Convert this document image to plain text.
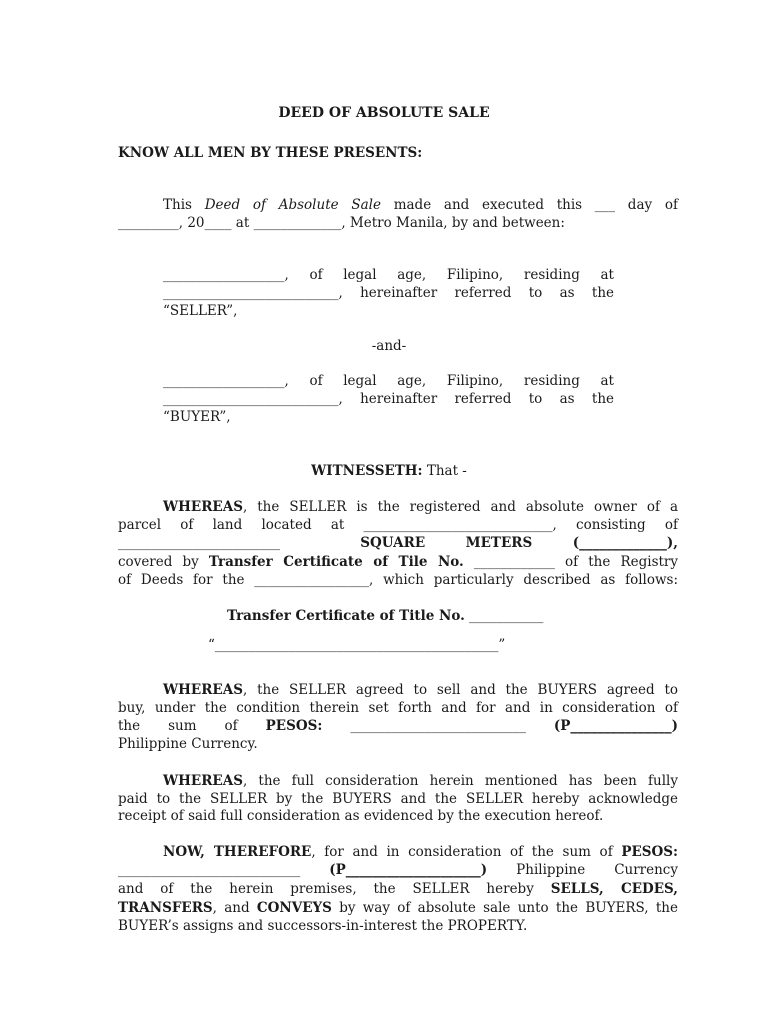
DEED OF ABSOLUTE SALE
KNOW ALL MEN BY THESE PRESENTS:
This Deed of Absolute Sale made and executed this ___ day of
_________, 20____ at _____________, Metro Manila, by and between:
__________________, of legal age, Filipino, residing at
__________________________, hereinafter referred to as the
“SELLER”,
-and-
__________________, of legal age, Filipino, residing at
__________________________, hereinafter referred to as the
“BUYER”,
WITNESSETH: That -
WHEREAS, the SELLER is the registered and absolute owner of a
parcel of land located at ____________________________, consisting of
________________________  SQUARE METERS (_____________),
covered by Transfer Certificate of Tile No. ____________ of the Registry
of Deeds for the _________________, which particularly described as follows:
Transfer Certificate of Title No. ___________
“__________________________________________”
WHEREAS, the SELLER agreed to sell and the BUYERS agreed to
buy, under the condition therein set forth and for and in consideration of
the sum of PESOS: __________________________ (P_______________)
Philippine Currency.
WHEREAS, the full consideration herein mentioned has been fully
paid to the SELLER by the BUYERS and the SELLER hereby acknowledge
receipt of said full consideration as evidenced by the execution hereof.
NOW, THEREFORE, for and in consideration of the sum of PESOS:
___________________________ (P____________________) Philippine Currency
and of the herein premises, the SELLER hereby SELLS, CEDES,
TRANSFERS, and CONVEYS by way of absolute sale unto the BUYERS, the
BUYER’s assigns and successors-in-interest the PROPERTY.
